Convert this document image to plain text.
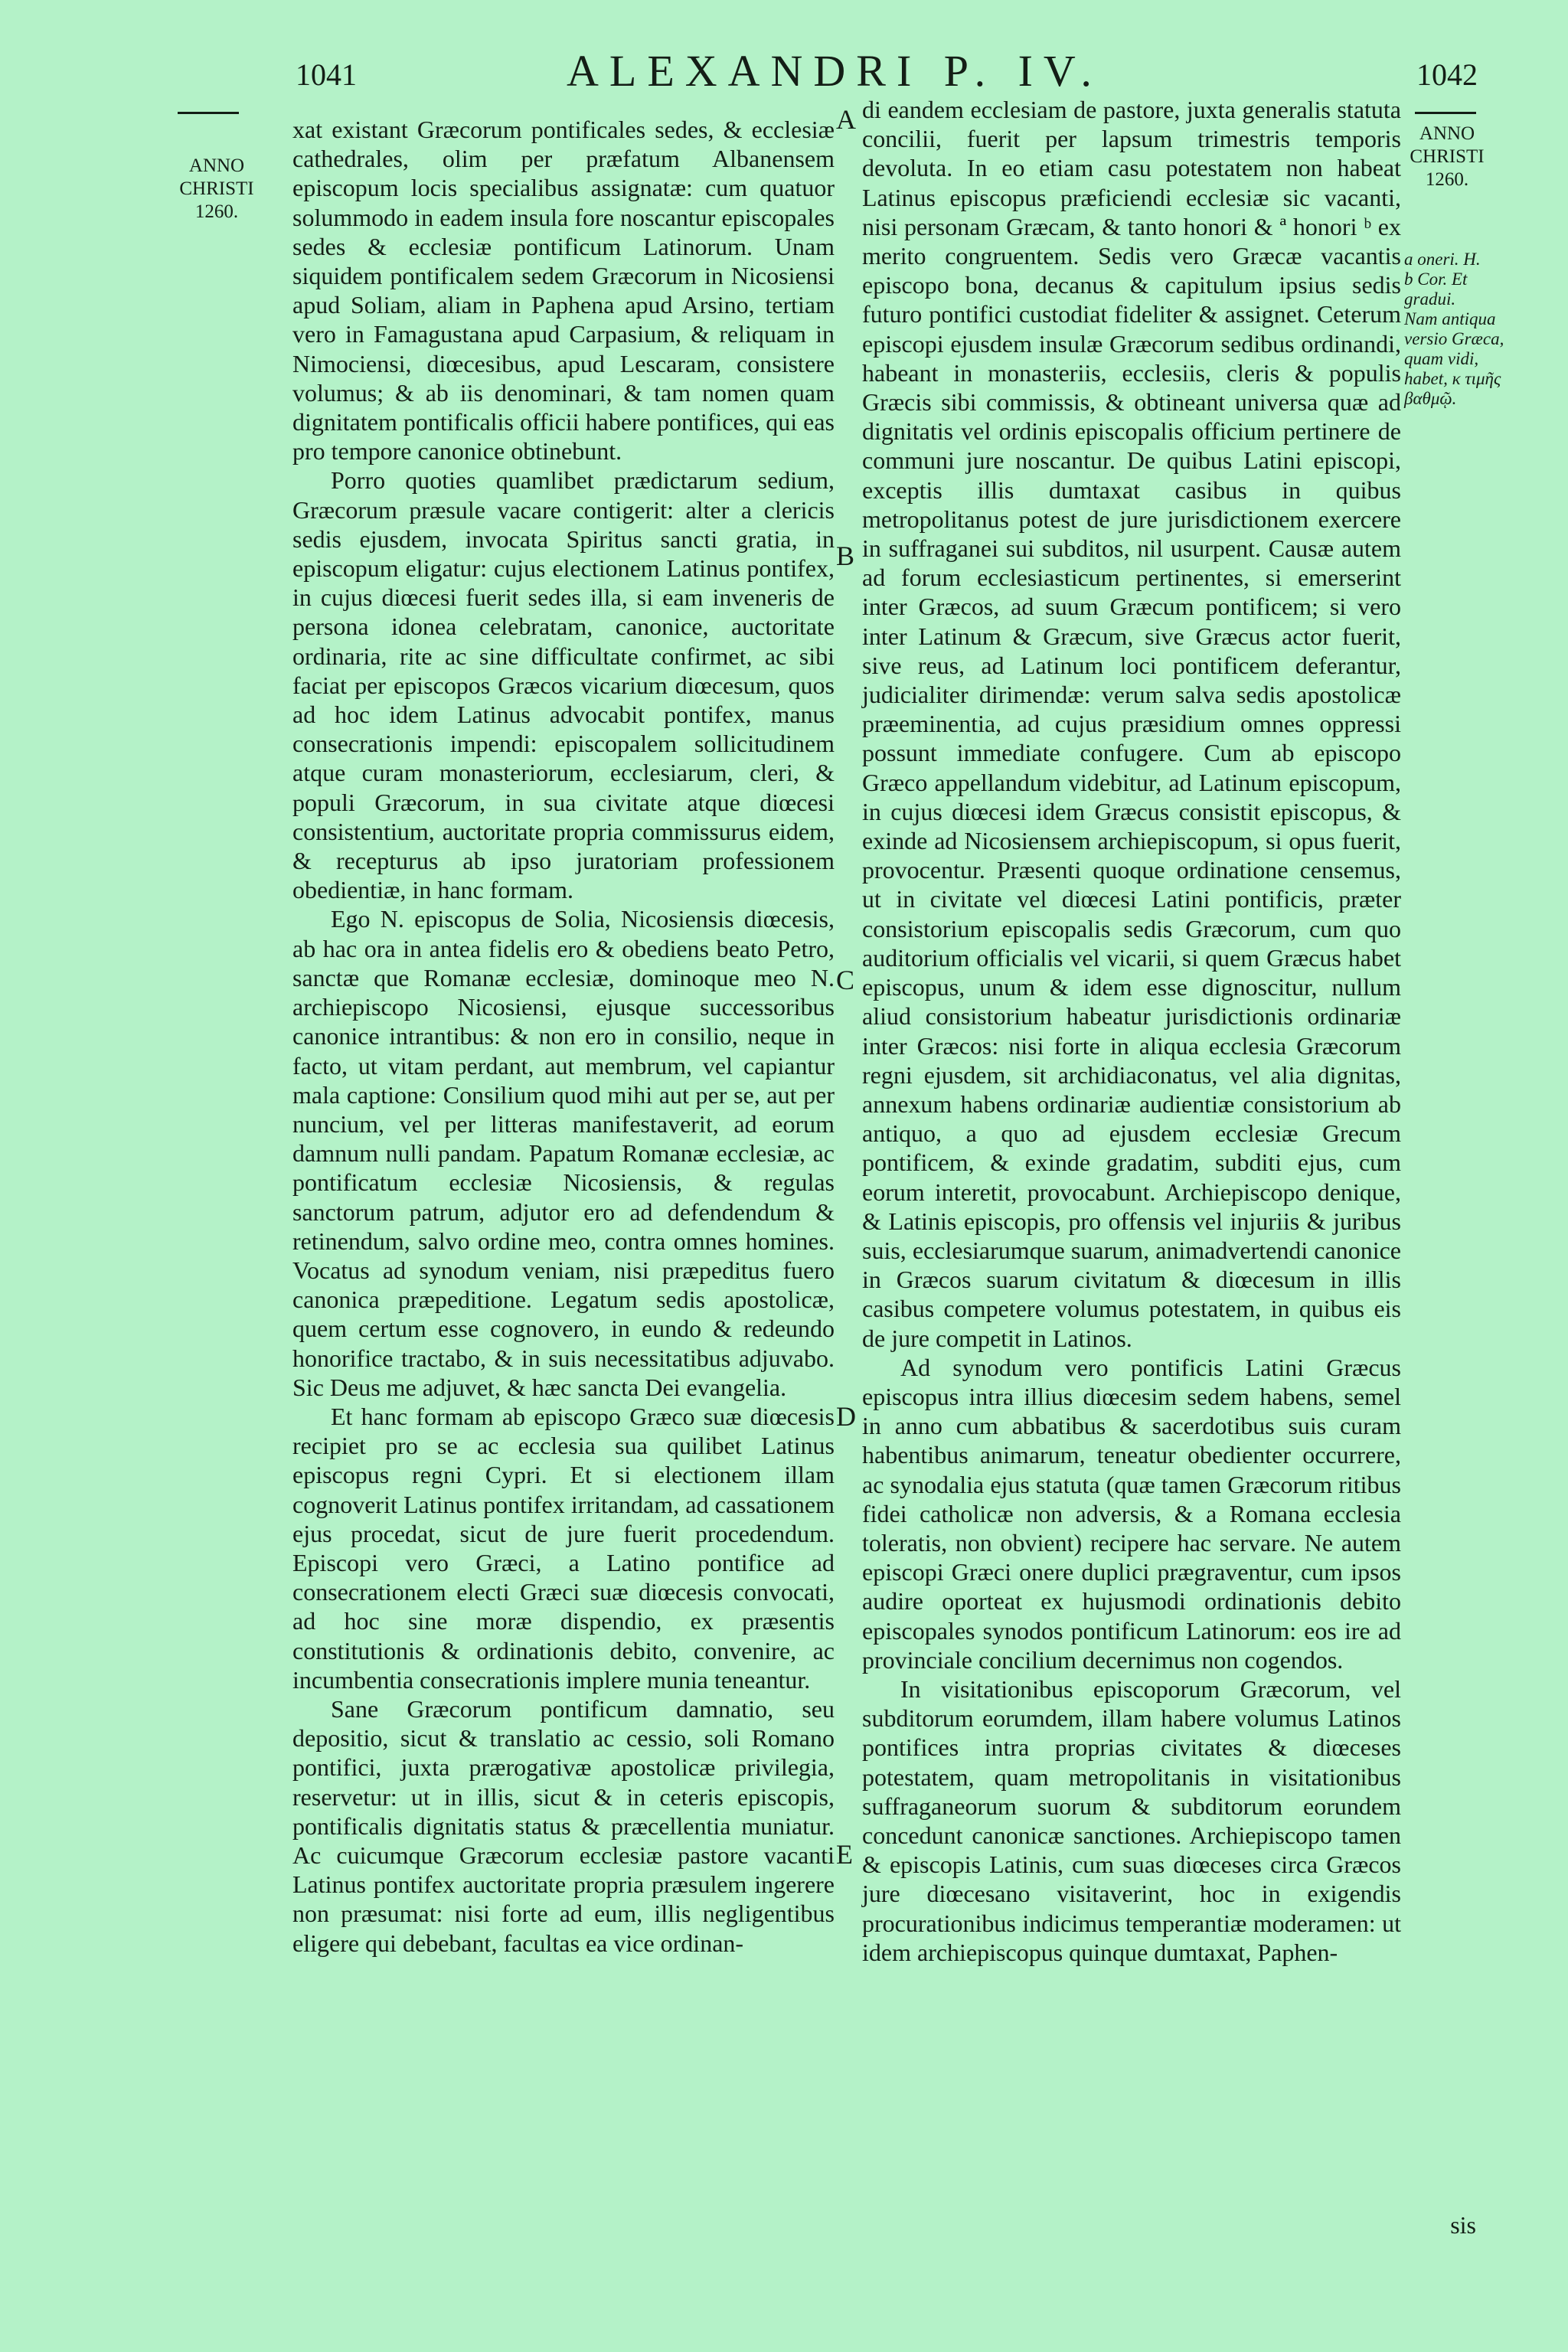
1041	ALEXANDRI P. IV.	1042
ANNO CHRISTI 1260.
ANNO CHRISTI 1260.

xat existant Græcorum pontificales sedes, & ecclesiæ cathedrales, olim per præfatum Albanensem episcopum locis specialibus assignatæ: cum quatuor solummodo in eadem insula fore noscantur episcopales sedes & ecclesiæ pontificum Latinorum. Unam siquidem pontificalem sedem Græcorum in Nicosiensi apud Soliam, aliam in Paphena apud Arsino, tertiam vero in Famagustana apud Carpasium, & reliquam in Nimociensi, diœcesibus, apud Lescaram, consistere volumus; & ab iis denominari, & tam nomen quam dignitatem pontificalis officii habere pontifices, qui eas pro tempore canonice obtinebunt.

Porro quoties quamlibet prædictarum sedium, Græcorum præsule vacare contigerit: alter a clericis sedis ejusdem, invocata Spiritus sancti gratia, in episcopum eligatur: cujus electionem Latinus pontifex, in cujus diœcesi fuerit sedes illa, si eam inveneris de persona idonea celebratam, canonice, auctoritate ordinaria, rite ac sine difficultate confirmet, ac sibi faciat per episcopos Græcos vicarium diœcesum, quos ad hoc idem Latinus advocabit pontifex, manus consecrationis impendi: episcopalem sollicitudinem atque curam monasteriorum, ecclesiarum, cleri, & populi Græcorum, in sua civitate atque diœcesi consistentium, auctoritate propria commissurus eidem, & recepturus ab ipso juratoriam professionem obedientiæ, in hanc formam.

Ego N. episcopus de Solia, Nicosiensis diœcesis, ab hac ora in antea fidelis ero & obediens beato Petro, sanctæ que Romanæ ecclesiæ, dominoque meo N. archiepiscopo Nicosiensi, ejusque successoribus canonice intrantibus: & non ero in consilio, neque in facto, ut vitam perdant, aut membrum, vel capiantur mala captione: Consilium quod mihi aut per se, aut per nuncium, vel per litteras manifestaverit, ad eorum damnum nulli pandam. Papatum Romanæ ecclesiæ, ac pontificatum ecclesiæ Nicosiensis, & regulas sanctorum patrum, adjutor ero ad defendendum & retinendum, salvo ordine meo, contra omnes homines. Vocatus ad synodum veniam, nisi præpeditus fuero canonica præpeditione. Legatum sedis apostolicæ, quem certum esse cognovero, in eundo & redeundo honorifice tractabo, & in suis necessitatibus adjuvabo. Sic Deus me adjuvet, & hæc sancta Dei evangelia.

Et hanc formam ab episcopo Græco suæ diœcesis recipiet pro se ac ecclesia sua quilibet Latinus episcopus regni Cypri. Et si electionem illam cognoverit Latinus pontifex irritandam, ad cassationem ejus procedat, sicut de jure fuerit procedendum. Episcopi vero Græci, a Latino pontifice ad consecrationem electi Græci suæ diœcesis convocati, ad hoc sine moræ dispendio, ex præsentis constitutionis & ordinationis debito, convenire, ac incumbentia consecrationis implere munia teneantur.

Sane Græcorum pontificum damnatio, seu depositio, sicut & translatio ac cessio, soli Romano pontifici, juxta prærogativæ apostolicæ privilegia, reservetur: ut in illis, sicut & in ceteris episcopis, pontificalis dignitatis status & præcellentia muniatur. Ac cuicumque Græcorum ecclesiæ pastore vacanti Latinus pontifex auctoritate propria præsulem ingerere non præsumat: nisi forte ad eum, illis negligentibus eligere qui debebant, facultas ea vice ordinan-

A
B
C
D
E

di eandem ecclesiam de pastore, juxta generalis statuta concilii, fuerit per lapsum trimestris temporis devoluta. In eo etiam casu potestatem non habeat Latinus episcopus præficiendi ecclesiæ sic vacanti, nisi personam Græcam, & tanto honori & ª honori ᵇ ex merito congruentem. Sedis vero Græcæ vacantis episcopo bona, decanus & capitulum ipsius sedis futuro pontifici custodiat fideliter & assignet. Ceterum episcopi ejusdem insulæ Græcorum sedibus ordinandi, habeant in monasteriis, ecclesiis, cleris & populis Græcis sibi commissis, & obtineant universa quæ ad dignitatis vel ordinis episcopalis officium pertinere de communi jure noscantur. De quibus Latini episcopi, exceptis illis dumtaxat casibus in quibus metropolitanus potest de jure jurisdictionem exercere in suffraganei sui subditos, nil usurpent. Causæ autem ad forum ecclesiasticum pertinentes, si emerserint inter Græcos, ad suum Græcum pontificem; si vero inter Latinum & Græcum, sive Græcus actor fuerit, sive reus, ad Latinum loci pontificem deferantur, judicialiter dirimendæ: verum salva sedis apostolicæ præeminentia, ad cujus præsidium omnes oppressi possunt immediate confugere. Cum ab episcopo Græco appellandum videbitur, ad Latinum episcopum, in cujus diœcesi idem Græcus consistit episcopus, & exinde ad Nicosiensem archiepiscopum, si opus fuerit, provocentur. Præsenti quoque ordinatione censemus, ut in civitate vel diœcesi Latini pontificis, præter consistorium episcopalis sedis Græcorum, cum quo auditorium officialis vel vicarii, si quem Græcus habet episcopus, unum & idem esse dignoscitur, nullum aliud consistorium habeatur jurisdictionis ordinariæ inter Græcos: nisi forte in aliqua ecclesia Græcorum regni ejusdem, sit archidiaconatus, vel alia dignitas, annexum habens ordinariæ audientiæ consistorium ab antiquo, a quo ad ejusdem ecclesiæ Grecum pontificem, & exinde gradatim, subditi ejus, cum eorum interetit, provocabunt. Archiepiscopo denique, & Latinis episcopis, pro offensis vel injuriis & juribus suis, ecclesiarumque suarum, animadvertendi canonice in Græcos suarum civitatum & diœcesum in illis casibus competere volumus potestatem, in quibus eis de jure competit in Latinos.

Ad synodum vero pontificis Latini Græcus episcopus intra illius diœcesim sedem habens, semel in anno cum abbatibus & sacerdotibus suis curam habentibus animarum, teneatur obedienter occurrere, ac synodalia ejus statuta (quæ tamen Græcorum ritibus fidei catholicæ non adversis, & a Romana ecclesia toleratis, non obvient) recipere hac servare. Ne autem episcopi Græci onere duplici prægraventur, cum ipsos audire oporteat ex hujusmodi ordinationis debito episcopales synodos pontificum Latinorum: eos ire ad provinciale concilium decernimus non cogendos.

In visitationibus episcoporum Græcorum, vel subditorum eorumdem, illam habere volumus Latinos pontifices intra proprias civitates & diœceses potestatem, quam metropolitanis in visitationibus suffraganeorum suorum & subditorum eorundem concedunt canonicæ sanctiones. Archiepiscopo tamen & episcopis Latinis, cum suas diœceses circa Græcos jure diœcesano visitaverint, hoc in exigendis procurationibus indicimus temperantiæ moderamen: ut idem archiepiscopus quinque dumtaxat, Paphen-

a oneri. H.
b Cor. Et gradui.
Nam antiqua versio Græca, quam vidi, habet, κ τιμῆς βαθμῷ.
sis
